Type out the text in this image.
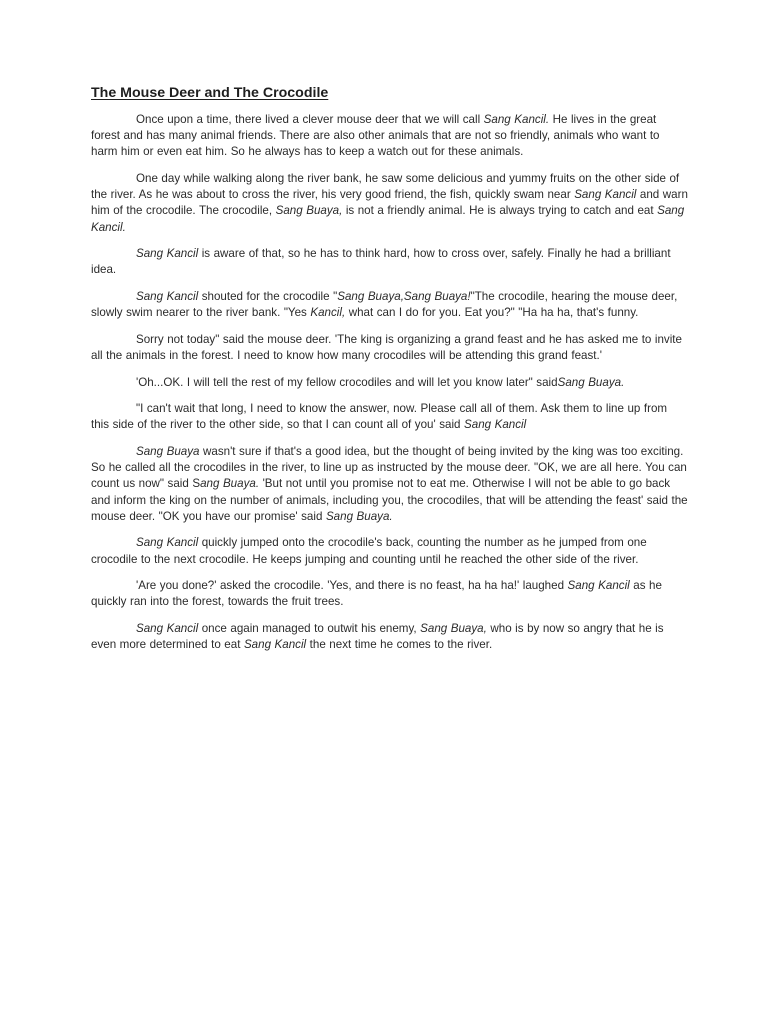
The Mouse Deer and The Crocodile

Once upon a time, there lived a clever mouse deer that we will call Sang Kancil. He lives in the great forest and has many animal friends. There are also other animals that are not so friendly, animals who want to harm him or even eat him. So he always has to keep a watch out for these animals.

One day while walking along the river bank, he saw some delicious and yummy fruits on the other side of the river. As he was about to cross the river, his very good friend, the fish, quickly swam near Sang Kancil and warn him of the crocodile. The crocodile, Sang Buaya, is not a friendly animal. He is always trying to catch and eat Sang Kancil.

Sang Kancil is aware of that, so he has to think hard, how to cross over, safely. Finally he had a brilliant idea.

Sang Kancil shouted for the crocodile "Sang Buaya,Sang Buaya!"The crocodile, hearing the mouse deer, slowly swim nearer to the river bank. "Yes Kancil, what can I do for you. Eat you?" "Ha ha ha, that's funny.

Sorry not today" said the mouse deer. 'The king is organizing a grand feast and he has asked me to invite all the animals in the forest. I need to know how many crocodiles will be attending this grand feast.'

'Oh...OK. I will tell the rest of my fellow crocodiles and will let you know later" saidSang Buaya.

"I can't wait that long, I need to know the answer, now. Please call all of them. Ask them to line up from this side of the river to the other side, so that I can count all of you' said Sang Kancil

Sang Buaya wasn't sure if that's a good idea, but the thought of being invited by the king was too exciting. So he called all the crocodiles in the river, to line up as instructed by the mouse deer. "OK, we are all here. You can count us now" said Sang Buaya. 'But not until you promise not to eat me. Otherwise I will not be able to go back and inform the king on the number of animals, including you, the crocodiles, that will be attending the feast' said the mouse deer. "OK you have our promise' said Sang Buaya.

Sang Kancil quickly jumped onto the crocodile's back, counting the number as he jumped from one crocodile to the next crocodile. He keeps jumping and counting until he reached the other side of the river.

'Are you done?' asked the crocodile. 'Yes, and there is no feast, ha ha ha!' laughed Sang Kancil as he quickly ran into the forest, towards the fruit trees.

Sang Kancil once again managed to outwit his enemy, Sang Buaya, who is by now so angry that he is even more determined to eat Sang Kancil the next time he comes to the river.
